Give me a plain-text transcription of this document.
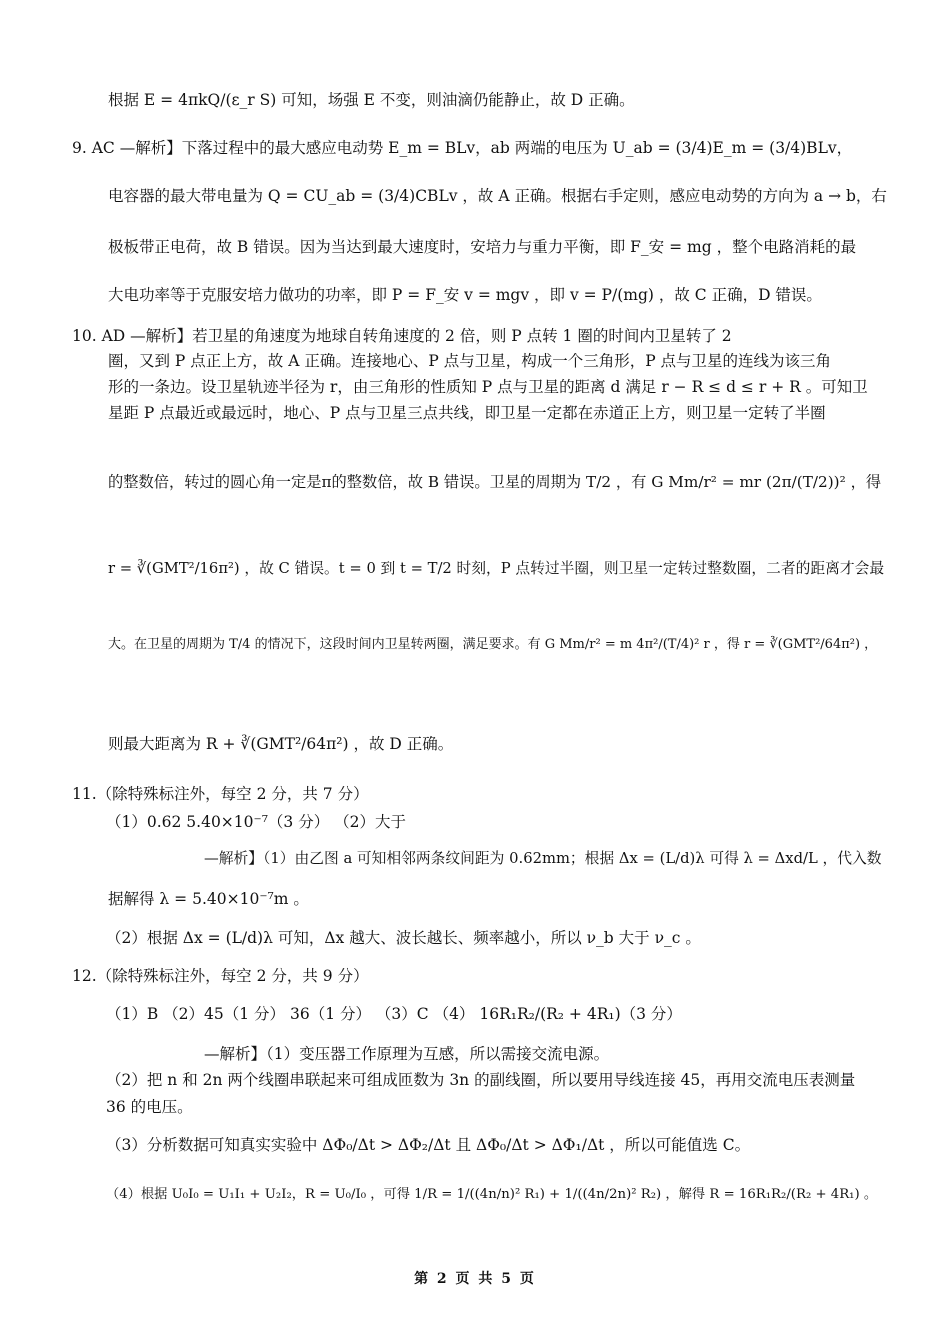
根据 E = 4πkQ/(ε_r S) 可知，场强 E 不变，则油滴仍能静止，故 D 正确。
9. AC —解析】下落过程中的最大感应电动势 E_m = BLv，ab 两端的电压为 U_ab = (3/4)E_m = (3/4)BLv，
电容器的最大带电量为 Q = CU_ab = (3/4)CBLv ，故 A 正确。根据右手定则，感应电动势的方向为 a → b，右
极板带正电荷，故 B 错误。因为当达到最大速度时，安培力与重力平衡，即 F_安 = mg ，整个电路消耗的最
大电功率等于克服安培力做功的功率，即 P = F_安 v = mgv ，即 v = P/(mg) ，故 C 正确，D 错误。
10. AD —解析】若卫星的角速度为地球自转角速度的 2 倍，则 P 点转 1 圈的时间内卫星转了 2
圈，又到 P 点正上方，故 A 正确。连接地心、P 点与卫星，构成一个三角形，P 点与卫星的连线为该三角
形的一条边。设卫星轨迹半径为 r，由三角形的性质知 P 点与卫星的距离 d 满足 r − R ≤ d ≤ r + R 。可知卫
星距 P 点最近或最远时，地心、P 点与卫星三点共线，即卫星一定都在赤道正上方，则卫星一定转了半圈
的整数倍，转过的圆心角一定是π的整数倍，故 B 错误。卫星的周期为 T/2 ，有 G Mm/r² = mr (2π/(T/2))² ，得
r = ∛(GMT²/16π²) ，故 C 错误。t = 0 到 t = T/2 时刻，P 点转过半圈，则卫星一定转过整数圈，二者的距离才会最
大。在卫星的周期为 T/4 的情况下，这段时间内卫星转两圈，满足要求。有 G Mm/r² = m 4π²/(T/4)² r ，得 r = ∛(GMT²/64π²) ，
则最大距离为 R + ∛(GMT²/64π²) ，故 D 正确。
11.（除特殊标注外，每空 2 分，共 7 分）
（1）0.62 5.40×10⁻⁷（3 分） （2）大于
—解析】（1）由乙图 a 可知相邻两条纹间距为 0.62mm；根据 Δx = (L/d)λ 可得 λ = Δxd/L ，代入数
据解得 λ = 5.40×10⁻⁷m 。
（2）根据 Δx = (L/d)λ 可知，Δx 越大、波长越长、频率越小，所以 ν_b 大于 ν_c 。
12.（除特殊标注外，每空 2 分，共 9 分）
（1）B （2）45（1 分） 36（1 分） （3）C （4） 16R₁R₂/(R₂ + 4R₁)（3 分）
—解析】（1）变压器工作原理为互感，所以需接交流电源。
（2）把 n 和 2n 两个线圈串联起来可组成匝数为 3n 的副线圈，所以要用导线连接 45，再用交流电压表测量
36 的电压。
（3）分析数据可知真实实验中 ΔΦ₀/Δt > ΔΦ₂/Δt 且 ΔΦ₀/Δt > ΔΦ₁/Δt ，所以可能值选 C。
（4）根据 U₀I₀ = U₁I₁ + U₂I₂，R = U₀/I₀ ，可得 1/R = 1/((4n/n)² R₁) + 1/((4n/2n)² R₂) ，解得 R = 16R₁R₂/(R₂ + 4R₁) 。
第 2 页 共 5 页
